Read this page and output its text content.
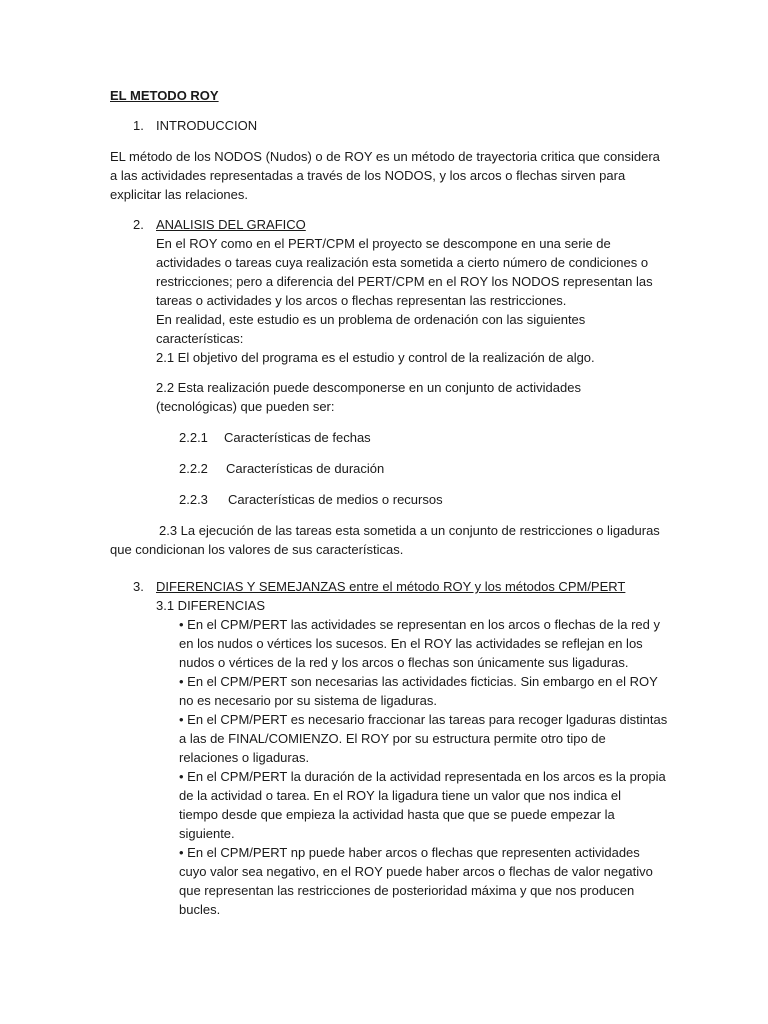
EL METODO ROY
1. INTRODUCCION
EL método de los NODOS (Nudos) o de ROY es un método de trayectoria critica que considera
a las actividades representadas a través de los NODOS, y los arcos o flechas sirven para
explicitar las relaciones.
2. ANALISIS DEL GRAFICO
En el ROY como en el PERT/CPM el proyecto se descompone en una serie de
actividades o tareas cuya realización esta sometida a cierto número de condiciones o
restricciones; pero a diferencia del PERT/CPM en el ROY los NODOS representan las
tareas o actividades y los arcos o flechas representan las restricciones.
En realidad, este estudio es un problema de ordenación con las siguientes
características:
2.1 El objetivo del programa es el estudio y control de la realización de algo.
2.2 Esta realización puede descomponerse en un conjunto de actividades
(tecnológicas) que pueden ser:
2.2.1 Características de fechas
2.2.2 Características de duración
2.2.3 Características de medios o recursos
2.3 La ejecución de las tareas esta sometida a un conjunto de restricciones o ligaduras
que condicionan los valores de sus características.
3. DIFERENCIAS Y SEMEJANZAS entre el método ROY y los métodos CPM/PERT
3.1 DIFERENCIAS
• En el CPM/PERT las actividades se representan en los arcos o flechas de la red y
en los nudos o vértices los sucesos. En el ROY las actividades se reflejan en los
nudos o vértices de la red y los arcos o flechas son únicamente sus ligaduras.
• En el CPM/PERT son necesarias las actividades ficticias. Sin embargo en el ROY
no es necesario por su sistema de ligaduras.
• En el CPM/PERT es necesario fraccionar las tareas para recoger lgaduras distintas
a las de FINAL/COMIENZO. El ROY por su estructura permite otro tipo de
relaciones o ligaduras.
• En el CPM/PERT la duración de la actividad representada en los arcos es la propia
de la actividad o tarea. En el ROY la ligadura tiene un valor que nos indica el
tiempo desde que empieza la actividad hasta que que se puede empezar la
siguiente.
• En el CPM/PERT np puede haber arcos o flechas que representen actividades
cuyo valor sea negativo, en el ROY puede haber arcos o flechas de valor negativo
que representan las restricciones de posterioridad máxima y que nos producen
bucles.
